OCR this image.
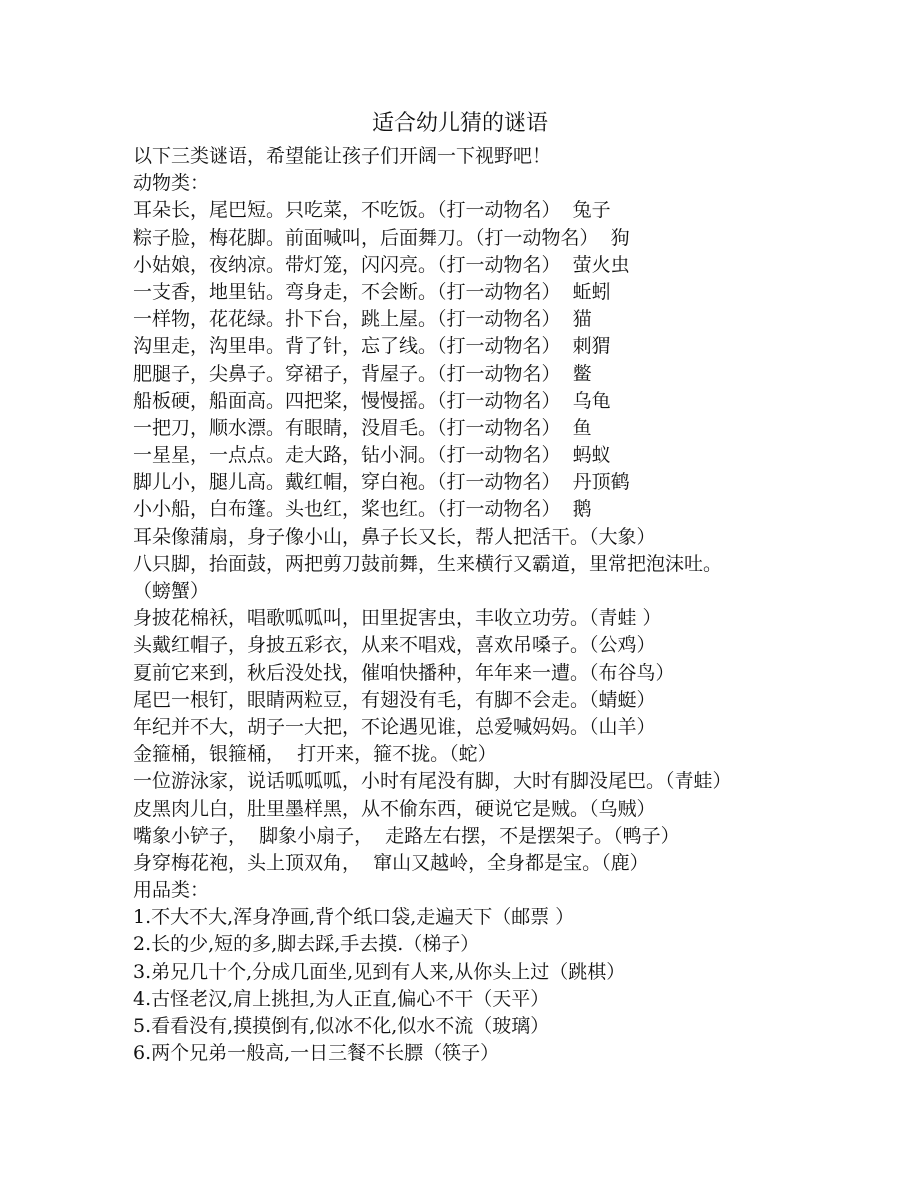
适合幼儿猜的谜语
以下三类谜语，希望能让孩子们开阔一下视野吧！
动物类：
耳朵长，尾巴短。只吃菜，不吃饭。（打一动物名）  兔子
粽子脸，梅花脚。前面喊叫，后面舞刀。（打一动物名）  狗
小姑娘，夜纳凉。带灯笼，闪闪亮。（打一动物名）  萤火虫
一支香，地里钻。弯身走，不会断。（打一动物名）  蚯蚓
一样物，花花绿。扑下台，跳上屋。（打一动物名）  猫
沟里走，沟里串。背了针，忘了线。（打一动物名）  刺猬
肥腿子，尖鼻子。穿裙子，背屋子。（打一动物名）  鳖
船板硬，船面高。四把桨，慢慢摇。（打一动物名）  乌龟
一把刀，顺水漂。有眼睛，没眉毛。（打一动物名）  鱼
一星星，一点点。走大路，钻小洞。（打一动物名）  蚂蚁
脚儿小，腿儿高。戴红帽，穿白袍。（打一动物名）  丹顶鹤
小小船，白布篷。头也红，桨也红。（打一动物名）  鹅
耳朵像蒲扇，身子像小山，鼻子长又长，帮人把活干。（大象）
八只脚，抬面鼓，两把剪刀鼓前舞，生来横行又霸道，里常把泡沫吐。
（螃蟹）
身披花棉袄，唱歌呱呱叫，田里捉害虫，丰收立功劳。（青蛙 ）
头戴红帽子，身披五彩衣，从来不唱戏，喜欢吊嗓子。（公鸡）
夏前它来到，秋后没处找，催咱快播种，年年来一遭。（布谷鸟）
尾巴一根钉，眼睛两粒豆，有翅没有毛，有脚不会走。（蜻蜓）
年纪并不大，胡子一大把，不论遇见谁，总爱喊妈妈。（山羊）
金箍桶，银箍桶，  打开来，箍不拢。（蛇）
一位游泳家，说话呱呱呱，小时有尾没有脚，大时有脚没尾巴。（青蛙）
皮黑肉儿白，肚里墨样黑，从不偷东西，硬说它是贼。（乌贼）
嘴象小铲子，  脚象小扇子，  走路左右摆，不是摆架子。（鸭子）
身穿梅花袍，头上顶双角，  窜山又越岭，全身都是宝。（鹿）
用品类：
1.不大不大,浑身净画,背个纸口袋,走遍天下（邮票 ）
2.长的少,短的多,脚去踩,手去摸.（梯子）
3.弟兄几十个,分成几面坐,见到有人来,从你头上过（跳棋）
4.古怪老汉,肩上挑担,为人正直,偏心不干（天平）
5.看看没有,摸摸倒有,似冰不化,似水不流（玻璃）
6.两个兄弟一般高,一日三餐不长膘（筷子）
